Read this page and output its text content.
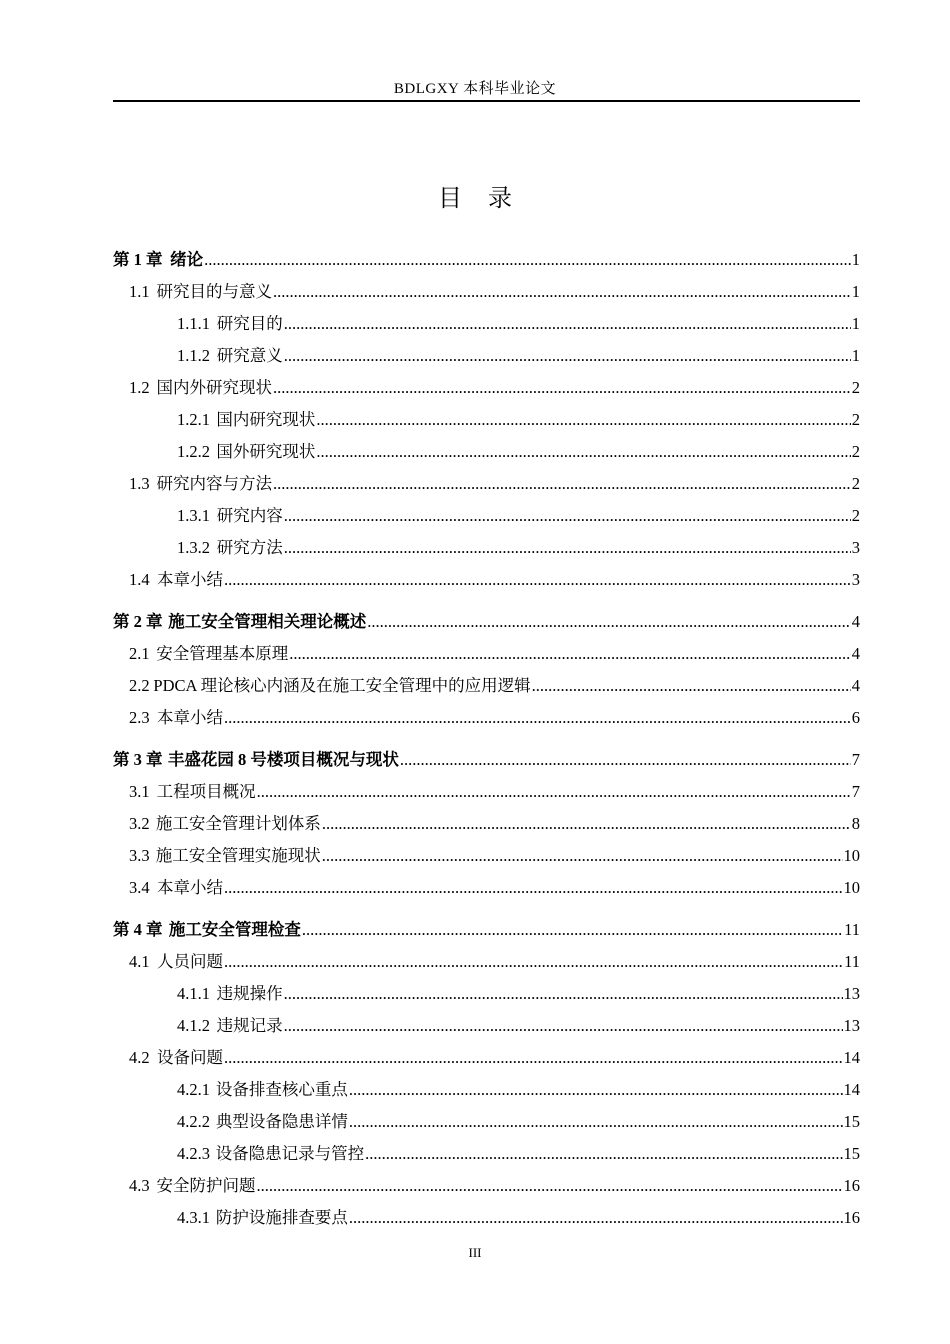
BDLGXY 本科毕业论文
目录
第 1 章 绪论 .....	1
1.1 研究目的与意义 .....	1
1.1.1 研究目的 .....	1
1.1.2 研究意义 .....	1
1.2 国内外研究现状 .....	2
1.2.1 国内研究现状 .....	2
1.2.2 国外研究现状 .....	2
1.3 研究内容与方法 .....	2
1.3.1 研究内容 .....	2
1.3.2 研究方法 .....	3
1.4 本章小结 .....	3
第 2 章 施工安全管理相关理论概述 .....	4
2.1 安全管理基本原理 .....	4
2.2 PDCA 理论核心内涵及在施工安全管理中的应用逻辑 .....	4
2.3 本章小结 .....	6
第 3 章 丰盛花园 8 号楼项目概况与现状 .....	7
3.1 工程项目概况 .....	7
3.2 施工安全管理计划体系 .....	8
3.3 施工安全管理实施现状 .....	10
3.4 本章小结 .....	10
第 4 章 施工安全管理检查 .....	11
4.1 人员问题 .....	11
4.1.1 违规操作 .....	13
4.1.2 违规记录 .....	13
4.2 设备问题 .....	14
4.2.1 设备排查核心重点 .....	14
4.2.2 典型设备隐患详情 .....	15
4.2.3 设备隐患记录与管控 .....	15
4.3 安全防护问题 .....	16
4.3.1 防护设施排查要点 .....	16
III
